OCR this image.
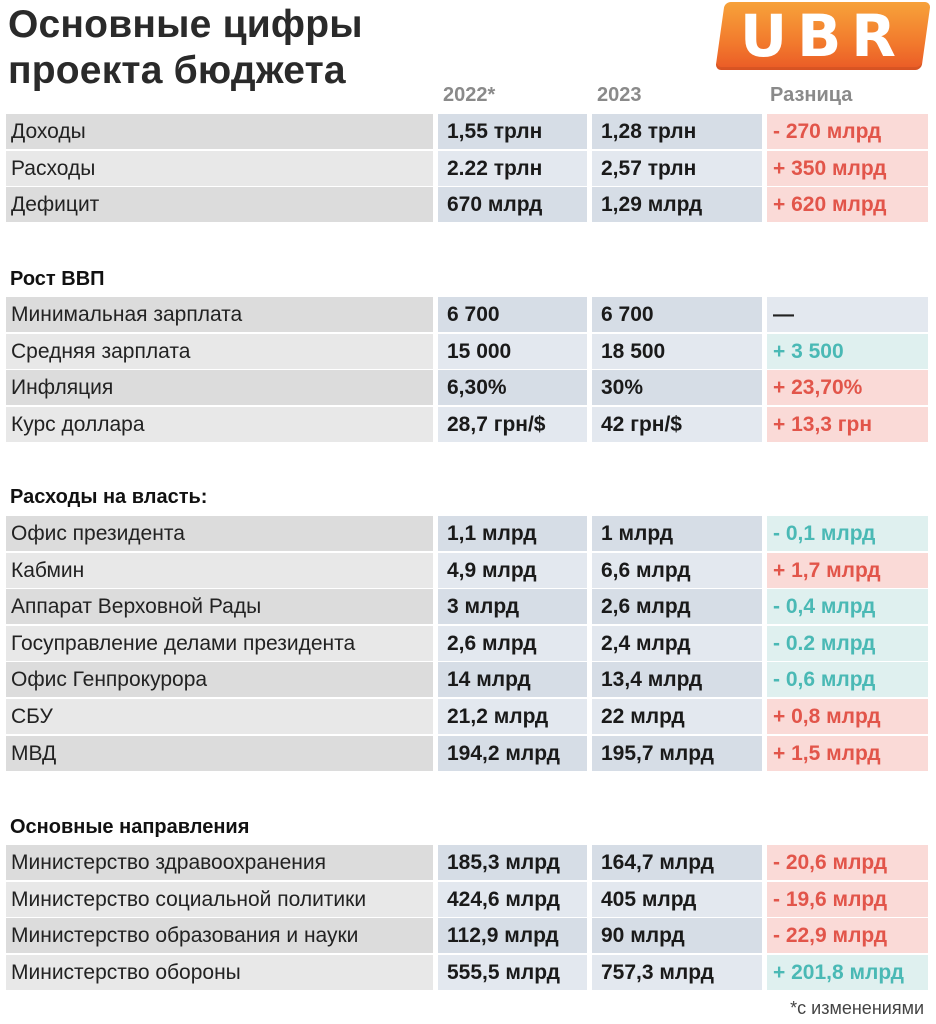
Основные цифры
проекта бюджета
UBR
2022*	2023	Разница
Доходы	1,55 трлн	1,28 трлн	- 270 млрд
Расходы	2.22 трлн	2,57 трлн	+ 350 млрд
Дефицит	670 млрд	1,29 млрд	+ 620 млрд
Рост ВВП
Минимальная зарплата	6 700	6 700	—
Средняя зарплата	15 000	18 500	+ 3 500
Инфляция	6,30%	30%	+ 23,70%
Курс доллара	28,7 грн/$	42 грн/$	+ 13,3 грн
Расходы на власть:
Офис президента	1,1 млрд	1 млрд	- 0,1 млрд
Кабмин	4,9 млрд	6,6 млрд	+ 1,7 млрд
Аппарат Верховной Рады	3 млрд	2,6 млрд	- 0,4 млрд
Госуправление делами президента	2,6 млрд	2,4 млрд	- 0.2 млрд
Офис Генпрокурора	14 млрд	13,4 млрд	- 0,6 млрд
СБУ	21,2 млрд	22 млрд	+ 0,8 млрд
МВД	194,2 млрд	195,7 млрд	+ 1,5 млрд
Основные направления
Министерство здравоохранения	185,3 млрд	164,7 млрд	- 20,6 млрд
Министерство социальной политики	424,6 млрд	405 млрд	- 19,6 млрд
Министерство образования и науки	112,9 млрд	90 млрд	- 22,9 млрд
Министерство обороны	555,5 млрд	757,3 млрд	+ 201,8 млрд
*с изменениями
